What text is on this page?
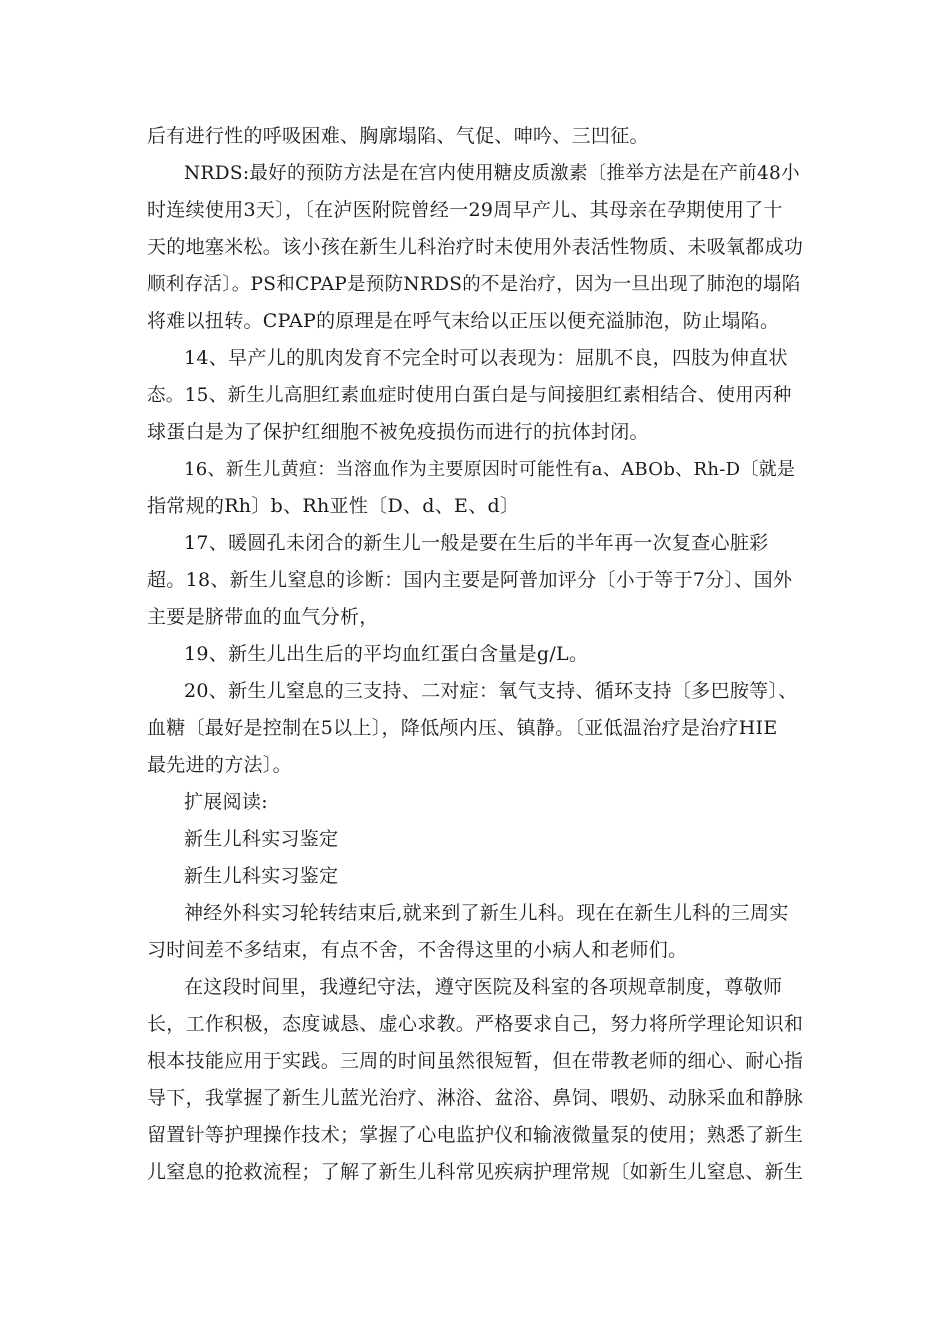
后有进行性的呼吸困难、胸廓塌陷、气促、呻吟、三凹征。
NRDS:最好的预防方法是在宫内使用糖皮质激素〔推举方法是在产前48小
时连续使用3天〕，〔在泸医附院曾经一29周早产儿、其母亲在孕期使用了十
天的地塞米松。该小孩在新生儿科治疗时未使用外表活性物质、未吸氧都成功
顺利存活〕。PS和CPAP是预防NRDS的不是治疗，因为一旦出现了肺泡的塌陷
将难以扭转。CPAP的原理是在呼气末给以正压以便充溢肺泡，防止塌陷。
14、早产儿的肌肉发育不完全时可以表现为：屈肌不良，四肢为伸直状
态。15、新生儿高胆红素血症时使用白蛋白是与间接胆红素相结合、使用丙种
球蛋白是为了保护红细胞不被免疫损伤而进行的抗体封闭。
16、新生儿黄疸：当溶血作为主要原因时可能性有a、ABOb、Rh-D〔就是
指常规的Rh〕b、Rh亚性〔D、d、E、d〕
17、暖圆孔未闭合的新生儿一般是要在生后的半年再一次复查心脏彩
超。18、新生儿窒息的诊断：国内主要是阿普加评分〔小于等于7分〕、国外
主要是脐带血的血气分析，
19、新生儿出生后的平均血红蛋白含量是g/L。
20、新生儿窒息的三支持、二对症：氧气支持、循环支持〔多巴胺等〕、
血糖〔最好是控制在5以上〕，降低颅内压、镇静。〔亚低温治疗是治疗HIE
最先进的方法〕。
扩展阅读:
新生儿科实习鉴定
新生儿科实习鉴定
神经外科实习轮转结束后,就来到了新生儿科。现在在新生儿科的三周实
习时间差不多结束，有点不舍，不舍得这里的小病人和老师们。
在这段时间里，我遵纪守法，遵守医院及科室的各项规章制度，尊敬师
长，工作积极，态度诚恳、虚心求教。严格要求自己，努力将所学理论知识和
根本技能应用于实践。三周的时间虽然很短暂，但在带教老师的细心、耐心指
导下，我掌握了新生儿蓝光治疗、淋浴、盆浴、鼻饲、喂奶、动脉采血和静脉
留置针等护理操作技术；掌握了心电监护仪和输液微量泵的使用；熟悉了新生
儿窒息的抢救流程；了解了新生儿科常见疾病护理常规〔如新生儿窒息、新生
